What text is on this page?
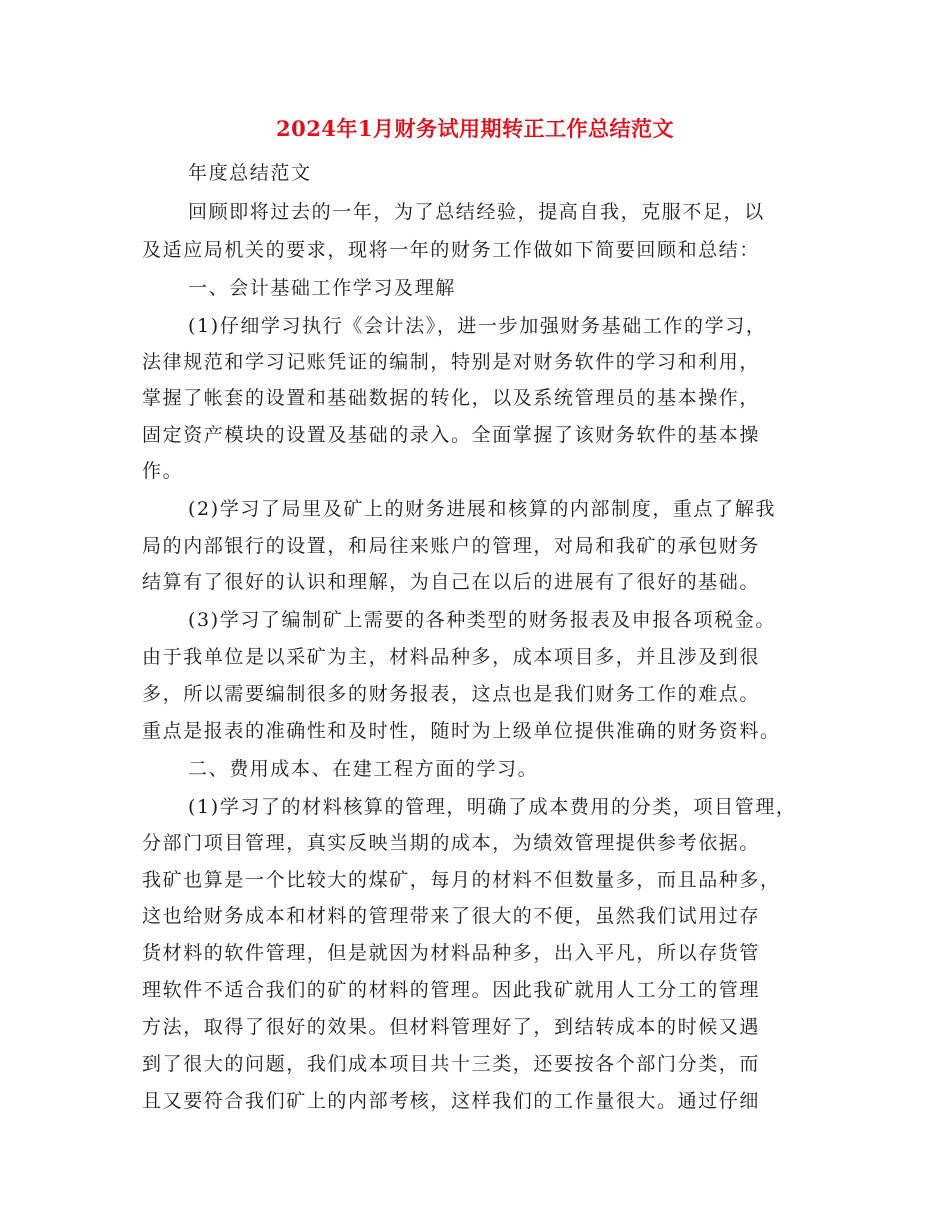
2024年1月财务试用期转正工作总结范文
年度总结范文
回顾即将过去的一年，为了总结经验，提高自我，克服不足，以
及适应局机关的要求，现将一年的财务工作做如下简要回顾和总结：
一、会计基础工作学习及理解
(1)仔细学习执行《会计法》，进一步加强财务基础工作的学习，
法律规范和学习记账凭证的编制，特别是对财务软件的学习和利用，
掌握了帐套的设置和基础数据的转化，以及系统管理员的基本操作，
固定资产模块的设置及基础的录入。全面掌握了该财务软件的基本操
作。
(2)学习了局里及矿上的财务进展和核算的内部制度，重点了解我
局的内部银行的设置，和局往来账户的管理，对局和我矿的承包财务
结算有了很好的认识和理解，为自己在以后的进展有了很好的基础。
(3)学习了编制矿上需要的各种类型的财务报表及申报各项税金。
由于我单位是以采矿为主，材料品种多，成本项目多，并且涉及到很
多，所以需要编制很多的财务报表，这点也是我们财务工作的难点。
重点是报表的准确性和及时性，随时为上级单位提供准确的财务资料。
二、费用成本、在建工程方面的学习。
(1)学习了的材料核算的管理，明确了成本费用的分类，项目管理，
分部门项目管理，真实反映当期的成本，为绩效管理提供参考依据。
我矿也算是一个比较大的煤矿，每月的材料不但数量多，而且品种多，
这也给财务成本和材料的管理带来了很大的不便，虽然我们试用过存
货材料的软件管理，但是就因为材料品种多，出入平凡，所以存货管
理软件不适合我们的矿的材料的管理。因此我矿就用人工分工的管理
方法，取得了很好的效果。但材料管理好了，到结转成本的时候又遇
到了很大的问题，我们成本项目共十三类，还要按各个部门分类，而
且又要符合我们矿上的内部考核，这样我们的工作量很大。通过仔细
